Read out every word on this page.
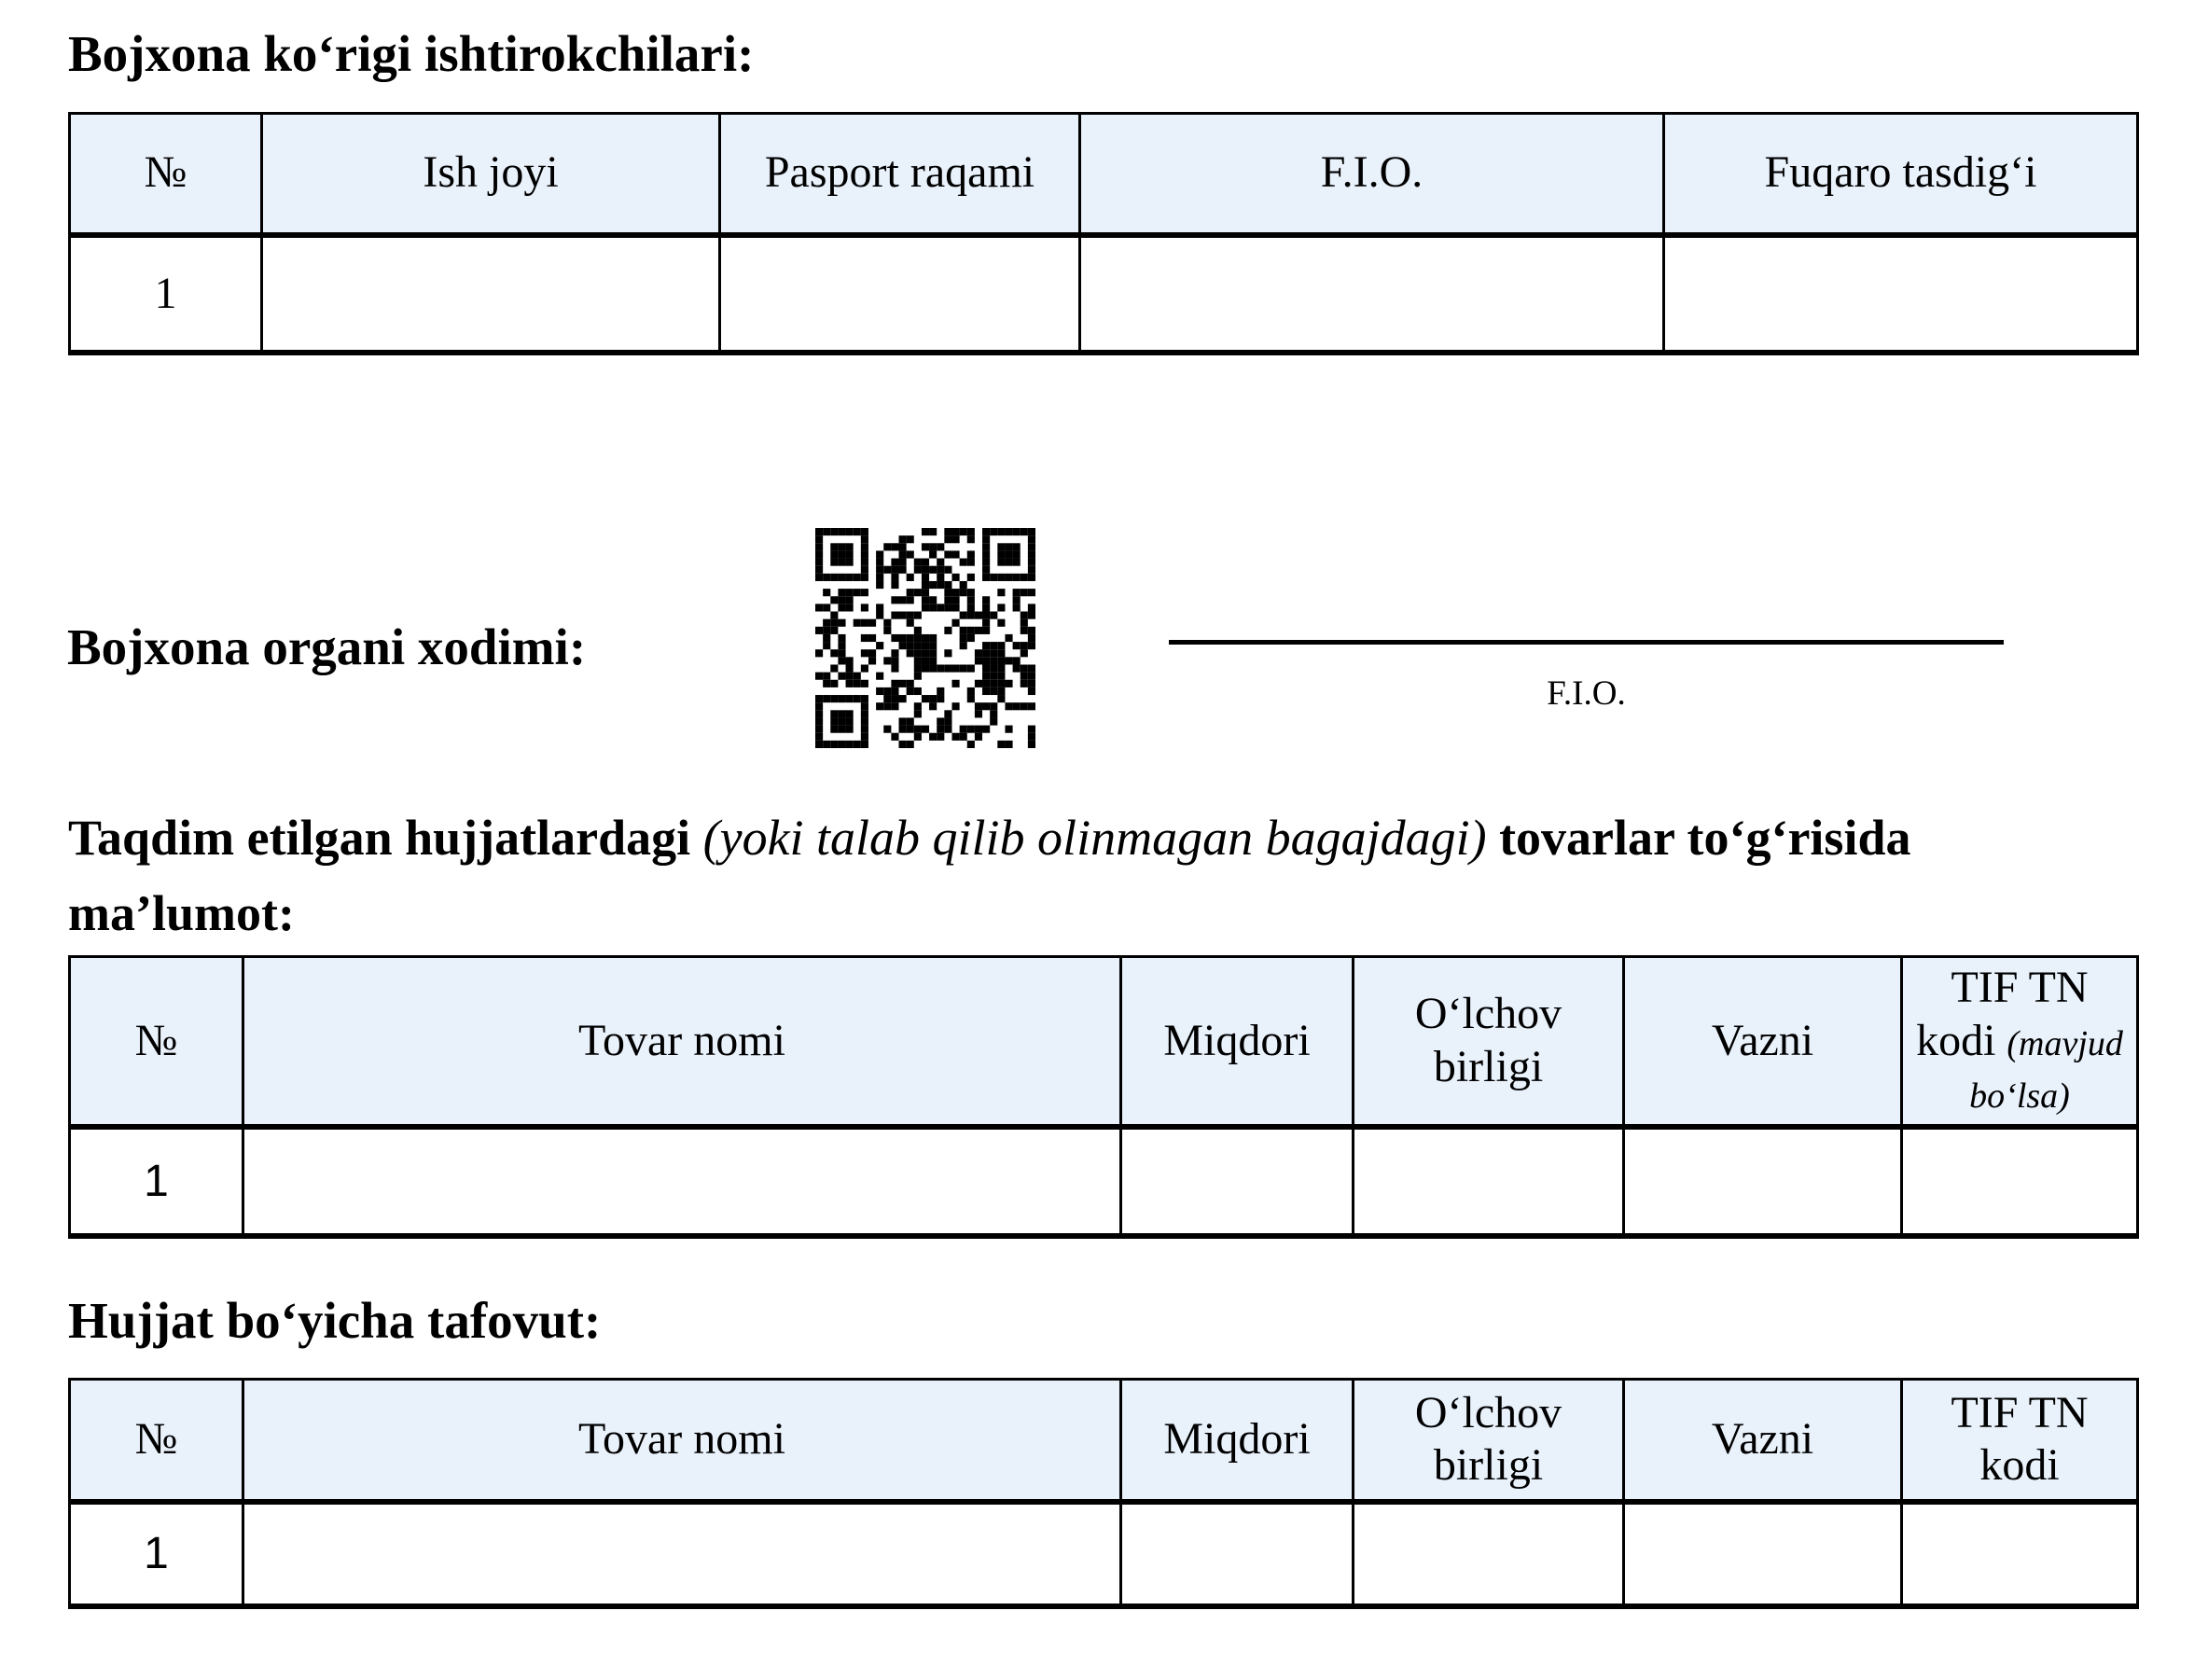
Bojxona ko‘rigi ishtirokchilari:
№	Ish joyi	Pasport raqami	F.I.O.	Fuqaro tasdig‘i
1				
Bojxona organi xodimi:
F.I.O.
Taqdim etilgan hujjatlardagi (yoki talab qilib olinmagan bagajdagi) tovarlar to‘g‘risida ma’lumot:
№	Tovar nomi	Miqdori	O‘lchov birligi	Vazni	TIF TN kodi (mavjud bo‘lsa)
1					
Hujjat bo‘yicha tafovut:
№	Tovar nomi	Miqdori	O‘lchov birligi	Vazni	TIF TN kodi
1					
